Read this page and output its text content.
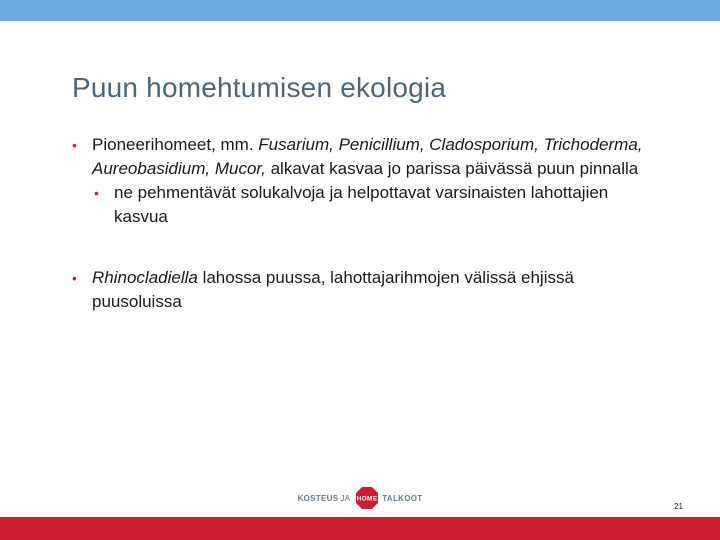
Puun homehtumisen ekologia
• Pioneerihomeet, mm. Fusarium, Penicillium, Cladosporium, Trichoderma, Aureobasidium, Mucor, alkavat kasvaa jo parissa päivässä puun pinnalla
• ne pehmentävät solukalvoja ja helpottavat varsinaisten lahottajien kasvua
• Rhinocladiella lahossa puussa, lahottajarihmojen välissä ehjissä puusoluissa
KOSTEUS JA HOME TALKOOT
21
